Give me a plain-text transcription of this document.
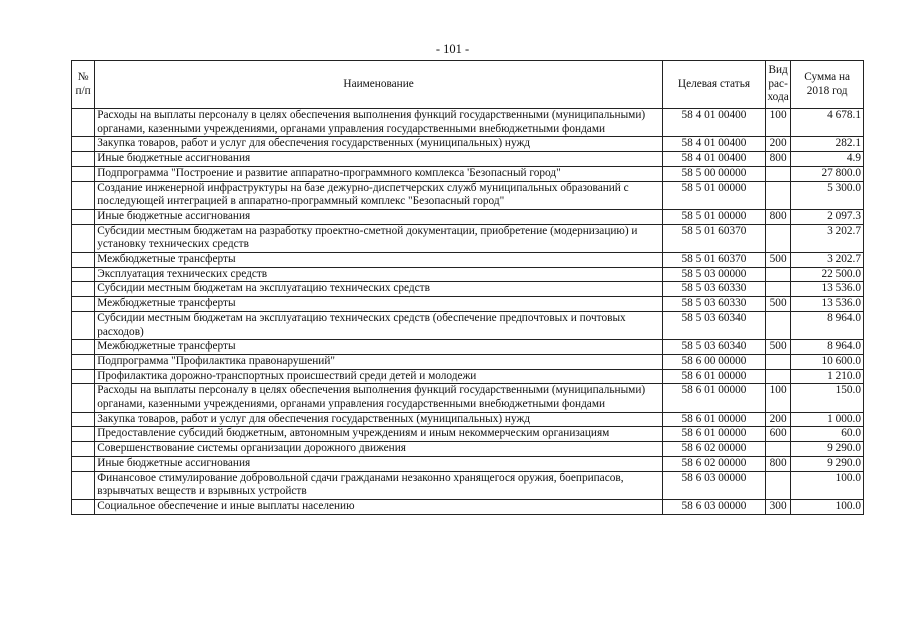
- 101 -
№ п/п	Наименование	Целевая статья	Вид рас-хода	Сумма на 2018 год
	Расходы на выплаты персоналу в целях обеспечения выполнения функций государственными (муниципальными) органами, казенными учреждениями, органами управления государственными внебюджетными фондами	58 4 01 00400	100	4 678.1
	Закупка товаров, работ и услуг для обеспечения государственных (муниципальных) нужд	58 4 01 00400	200	282.1
	Иные бюджетные ассигнования	58 4 01 00400	800	4.9
	Подпрограмма "Построение и развитие аппаратно-программного комплекса 'Безопасный город"	58 5 00 00000		27 800.0
	Создание инженерной инфраструктуры на базе дежурно-диспетчерских служб муниципальных образований с последующей интеграцией в аппаратно-программный комплекс "Безопасный город"	58 5 01 00000		5 300.0
	Иные бюджетные ассигнования	58 5 01 00000	800	2 097.3
	Субсидии местным бюджетам на разработку проектно-сметной документации, приобретение (модернизацию) и установку технических средств	58 5 01 60370		3 202.7
	Межбюджетные трансферты	58 5 01 60370	500	3 202.7
	Эксплуатация технических средств	58 5 03 00000		22 500.0
	Субсидии местным бюджетам на эксплуатацию технических средств	58 5 03 60330		13 536.0
	Межбюджетные трансферты	58 5 03 60330	500	13 536.0
	Субсидии местным бюджетам на эксплуатацию технических средств (обеспечение предпочтовых и почтовых расходов)	58 5 03 60340		8 964.0
	Межбюджетные трансферты	58 5 03 60340	500	8 964.0
	Подпрограмма "Профилактика правонарушений"	58 6 00 00000		10 600.0
	Профилактика дорожно-транспортных происшествий среди детей и молодежи	58 6 01 00000		1 210.0
	Расходы на выплаты персоналу в целях обеспечения выполнения функций государственными (муниципальными) органами, казенными учреждениями, органами управления государственными внебюджетными фондами	58 6 01 00000	100	150.0
	Закупка товаров, работ и услуг для обеспечения государственных (муниципальных) нужд	58 6 01 00000	200	1 000.0
	Предоставление субсидий бюджетным, автономным учреждениям и иным некоммерческим организациям	58 6 01 00000	600	60.0
	Совершенствование системы организации дорожного движения	58 6 02 00000		9 290.0
	Иные бюджетные ассигнования	58 6 02 00000	800	9 290.0
	Финансовое стимулирование добровольной сдачи гражданами незаконно хранящегося оружия, боеприпасов, взрывчатых веществ и взрывных устройств	58 6 03 00000		100.0
	Социальное обеспечение и иные выплаты населению	58 6 03 00000	300	100.0
